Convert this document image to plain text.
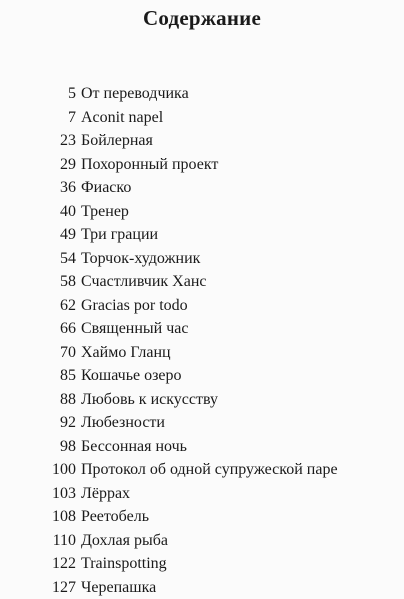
Содержание
5 От переводчика
7 Aconit napel
23 Бойлерная
29 Похоронный проект
36 Фиаско
40 Тренер
49 Три грации
54 Торчок-художник
58 Счастливчик Ханс
62 Gracias por todo
66 Священный час
70 Хаймо Гланц
85 Кошачье озеро
88 Любовь к искусству
92 Любезности
98 Бессонная ночь
100 Протокол об одной супружеской паре
103 Лёррах
108 Реетобель
110 Дохлая рыба
122 Trainspotting
127 Черепашка
